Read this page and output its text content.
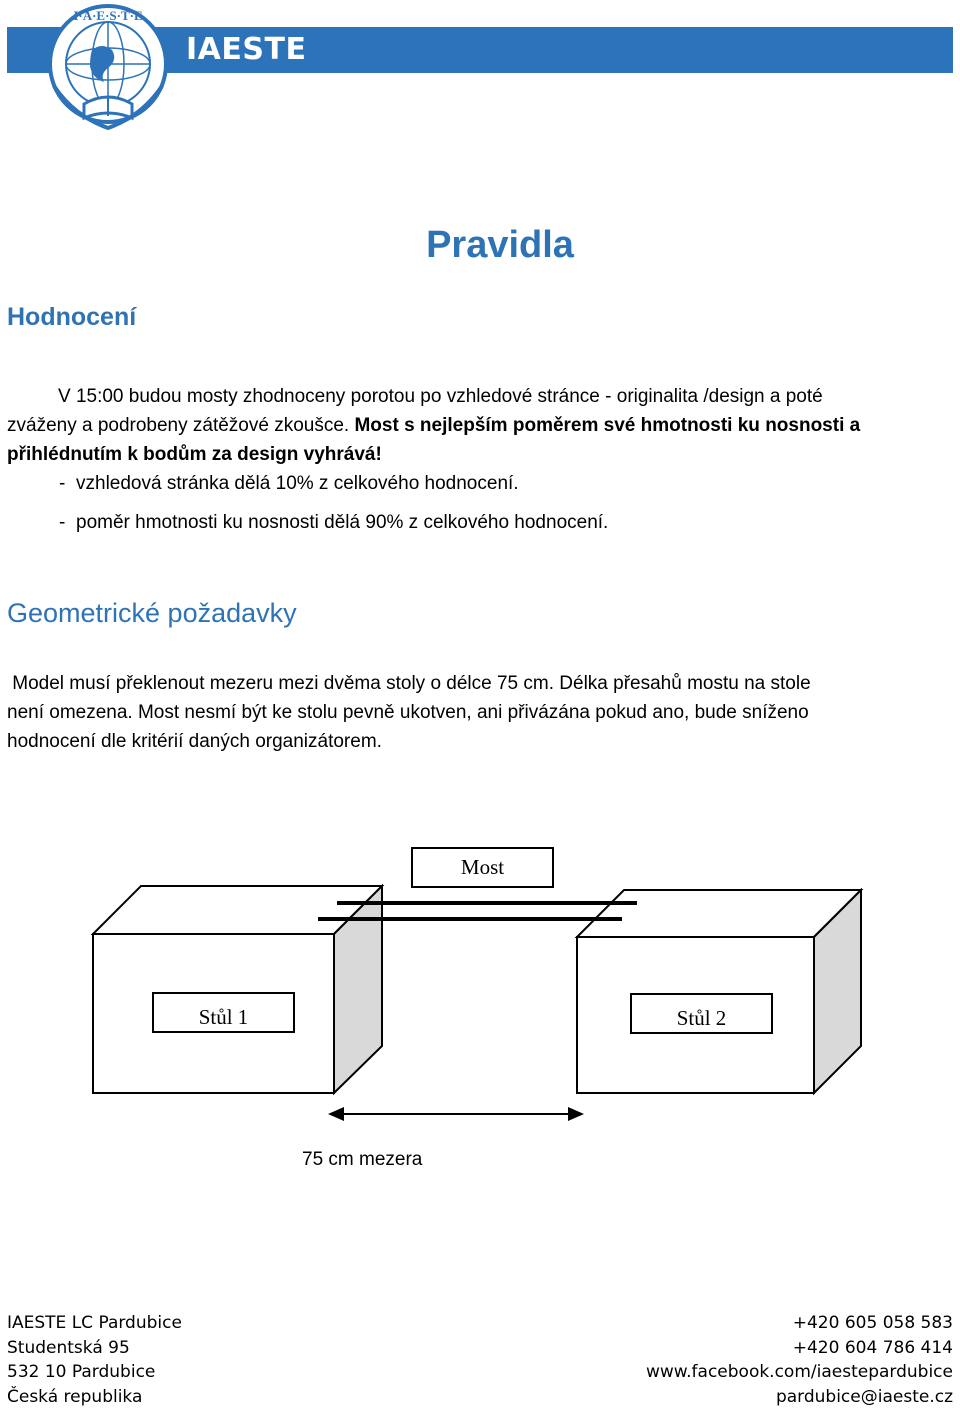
IAESTE
I·A·E·S·T·E
Pravidla
Hodnocení
V 15:00 budou mosty zhodnoceny porotou po vzhledové stránce - originalita /design a poté
zváženy a podrobeny zátěžové zkoušce. Most s nejlepším poměrem své hmotnosti ku nosnosti a
přihlédnutím k bodům za design vyhrává!
- vzhledová stránka dělá 10% z celkového hodnocení.
- poměr hmotnosti ku nosnosti dělá 90% z celkového hodnocení.
Geometrické požadavky
Model musí překlenout mezeru mezi dvěma stoly o délce 75 cm. Délka přesahů mostu na stole
není omezena. Most nesmí být ke stolu pevně ukotven, ani přivázána pokud ano, bude sníženo
hodnocení dle kritérií daných organizátorem.
Most
Stůl 1	Stůl 2
75 cm mezera
IAESTE LC Pardubice
Studentská 95
532 10 Pardubice
Česká republika
+420 605 058 583
+420 604 786 414
www.facebook.com/iaestepardubice
pardubice@iaeste.cz
